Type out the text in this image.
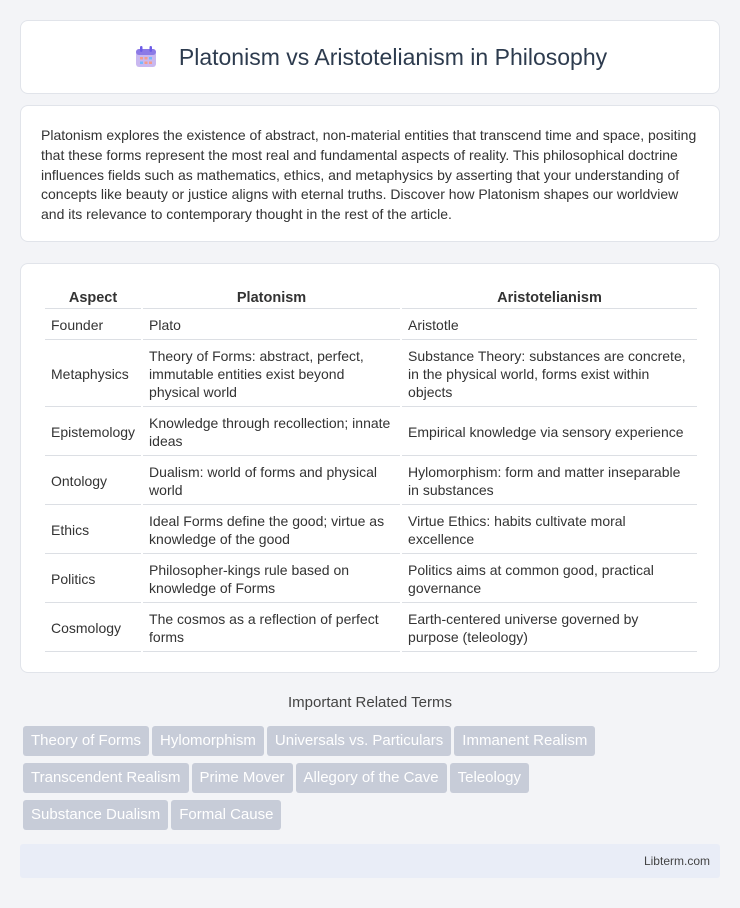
Platonism vs Aristotelianism in Philosophy

Platonism explores the existence of abstract, non-material entities that transcend time and space, positing that these forms represent the most real and fundamental aspects of reality. This philosophical doctrine influences fields such as mathematics, ethics, and metaphysics by asserting that your understanding of concepts like beauty or justice aligns with eternal truths. Discover how Platonism shapes our worldview and its relevance to contemporary thought in the rest of the article.

Aspect	Platonism	Aristotelianism
Founder	Plato	Aristotle
Metaphysics	Theory of Forms: abstract, perfect, immutable entities exist beyond physical world	Substance Theory: substances are concrete, in the physical world, forms exist within objects
Epistemology	Knowledge through recollection; innate ideas	Empirical knowledge via sensory experience
Ontology	Dualism: world of forms and physical world	Hylomorphism: form and matter inseparable in substances
Ethics	Ideal Forms define the good; virtue as knowledge of the good	Virtue Ethics: habits cultivate moral excellence
Politics	Philosopher-kings rule based on knowledge of Forms	Politics aims at common good, practical governance
Cosmology	The cosmos as a reflection of perfect forms	Earth-centered universe governed by purpose (teleology)
Important Related Terms
Theory of Forms Hylomorphism Universals vs. Particulars Immanent Realism
Transcendent Realism Prime Mover Allegory of the Cave Teleology
Substance Dualism Formal Cause
Libterm.com
